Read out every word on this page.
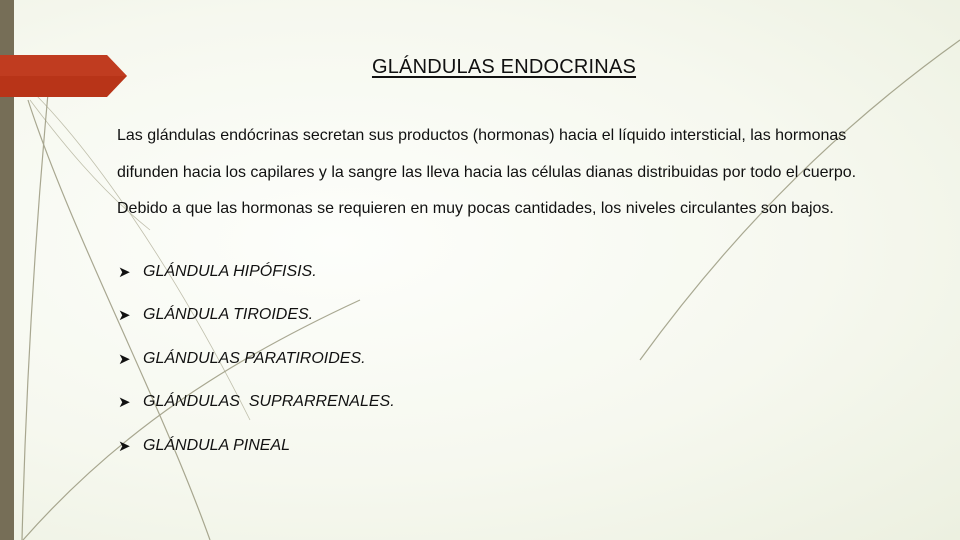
GLÁNDULAS ENDOCRINAS

Las glándulas endócrinas secretan sus productos (hormonas) hacia el líquido intersticial, las hormonas
difunden hacia los capilares y la sangre las lleva hacia las células dianas distribuidas por todo el cuerpo.
Debido a que las hormonas se requieren en muy pocas cantidades, los niveles circulantes son bajos.

➤ GLÁNDULA HIPÓFISIS.
➤ GLÁNDULA TIROIDES.
➤ GLÁNDULAS PARATIROIDES.
➤ GLÁNDULAS  SUPRARRENALES.
➤ GLÁNDULA PINEAL
